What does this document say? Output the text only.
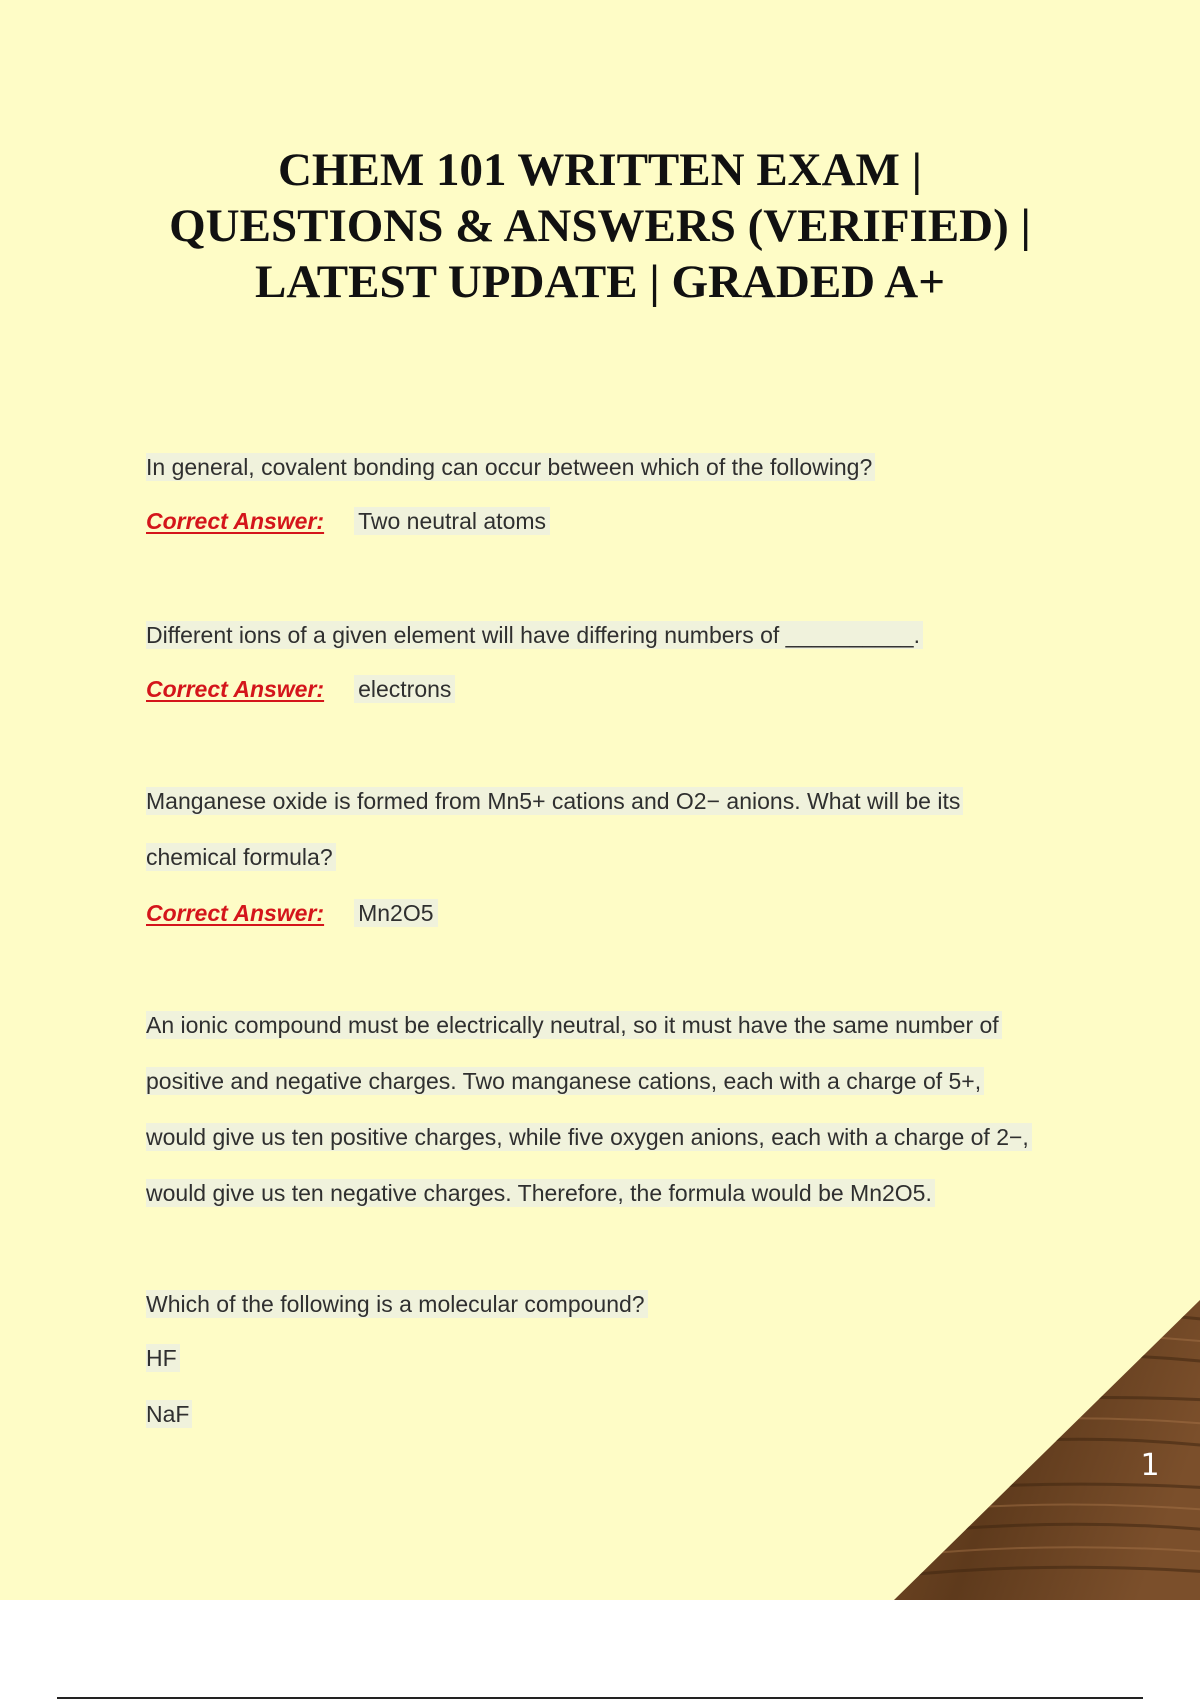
CHEM 101 WRITTEN EXAM |
QUESTIONS & ANSWERS (VERIFIED) |
LATEST UPDATE | GRADED A+
In general, covalent bonding can occur between which of the following?
Correct Answer: Two neutral atoms
Different ions of a given element will have differing numbers of __________.
Correct Answer: electrons
Manganese oxide is formed from Mn5+ cations and O2− anions. What will be its
chemical formula?
Correct Answer: Mn2O5
An ionic compound must be electrically neutral, so it must have the same number of
positive and negative charges. Two manganese cations, each with a charge of 5+,
would give us ten positive charges, while five oxygen anions, each with a charge of 2−,
would give us ten negative charges. Therefore, the formula would be Mn2O5.
Which of the following is a molecular compound?
HF
NaF
1
